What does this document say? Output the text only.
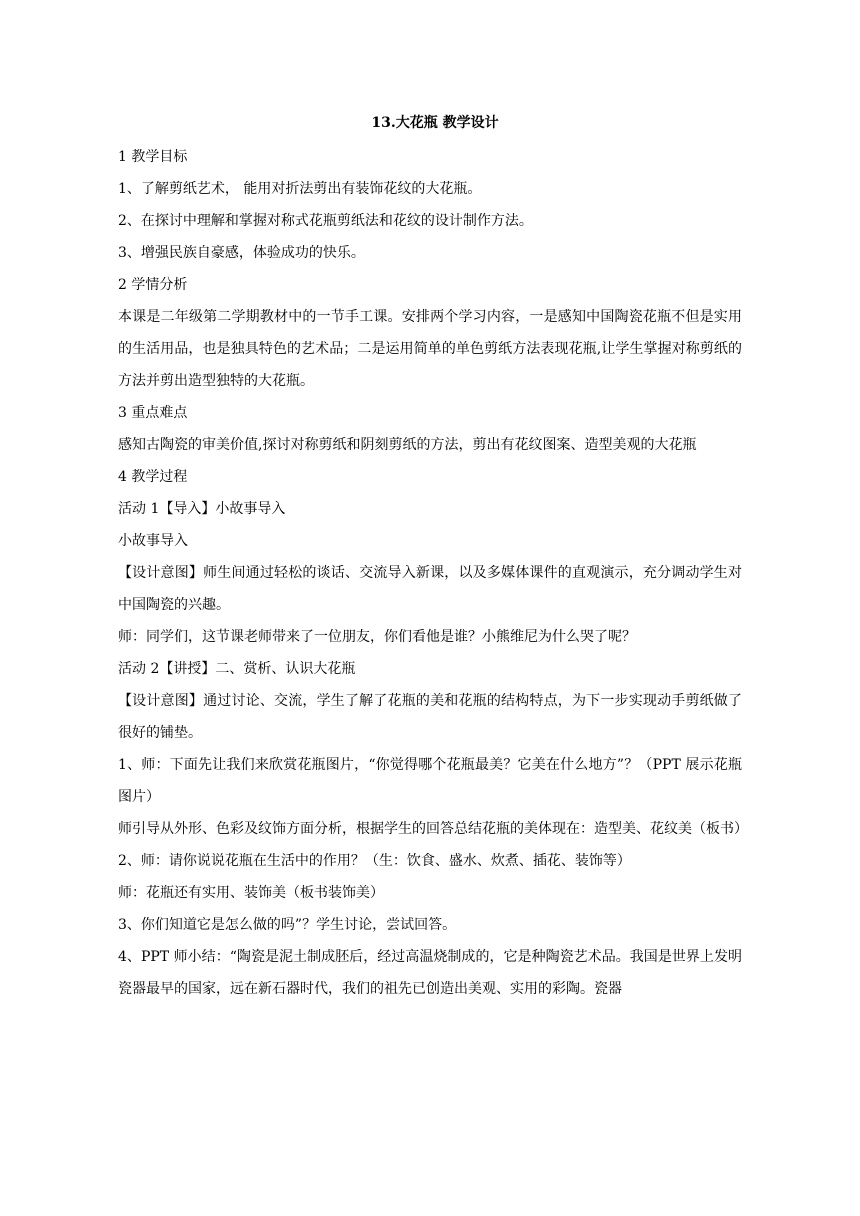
13.大花瓶 教学设计

1 教学目标

1、了解剪纸艺术， 能用对折法剪出有装饰花纹的大花瓶。

2、在探讨中理解和掌握对称式花瓶剪纸法和花纹的设计制作方法。

3、增强民族自豪感，体验成功的快乐。

2 学情分析

本课是二年级第二学期教材中的一节手工课。安排两个学习内容，一是感知中国陶瓷花瓶不但是实用的生活用品，也是独具特色的艺术品；二是运用简单的单色剪纸方法表现花瓶,让学生掌握对称剪纸的方法并剪出造型独特的大花瓶。

3 重点难点

感知古陶瓷的审美价值,探讨对称剪纸和阴刻剪纸的方法，剪出有花纹图案、造型美观的大花瓶

4 教学过程

活动 1【导入】小故事导入

小故事导入

【设计意图】师生间通过轻松的谈话、交流导入新课，以及多媒体课件的直观演示，充分调动学生对中国陶瓷的兴趣。

师：同学们，这节课老师带来了一位朋友，你们看他是谁？小熊维尼为什么哭了呢？

活动 2【讲授】二、赏析、认识大花瓶

【设计意图】通过讨论、交流，学生了解了花瓶的美和花瓶的结构特点，为下一步实现动手剪纸做了很好的铺垫。

1、师：下面先让我们来欣赏花瓶图片，“你觉得哪个花瓶最美？它美在什么地方”？（PPT 展示花瓶图片）

师引导从外形、色彩及纹饰方面分析，根据学生的回答总结花瓶的美体现在：造型美、花纹美（板书）

2、师：请你说说花瓶在生活中的作用？（生：饮食、盛水、炊煮、插花、装饰等）

师：花瓶还有实用、装饰美（板书装饰美）

3、你们知道它是怎么做的吗”？学生讨论，尝试回答。

4、PPT 师小结：“陶瓷是泥土制成胚后，经过高温烧制成的，它是种陶瓷艺术品。我国是世界上发明瓷器最早的国家，远在新石器时代，我们的祖先已创造出美观、实用的彩陶。瓷器
